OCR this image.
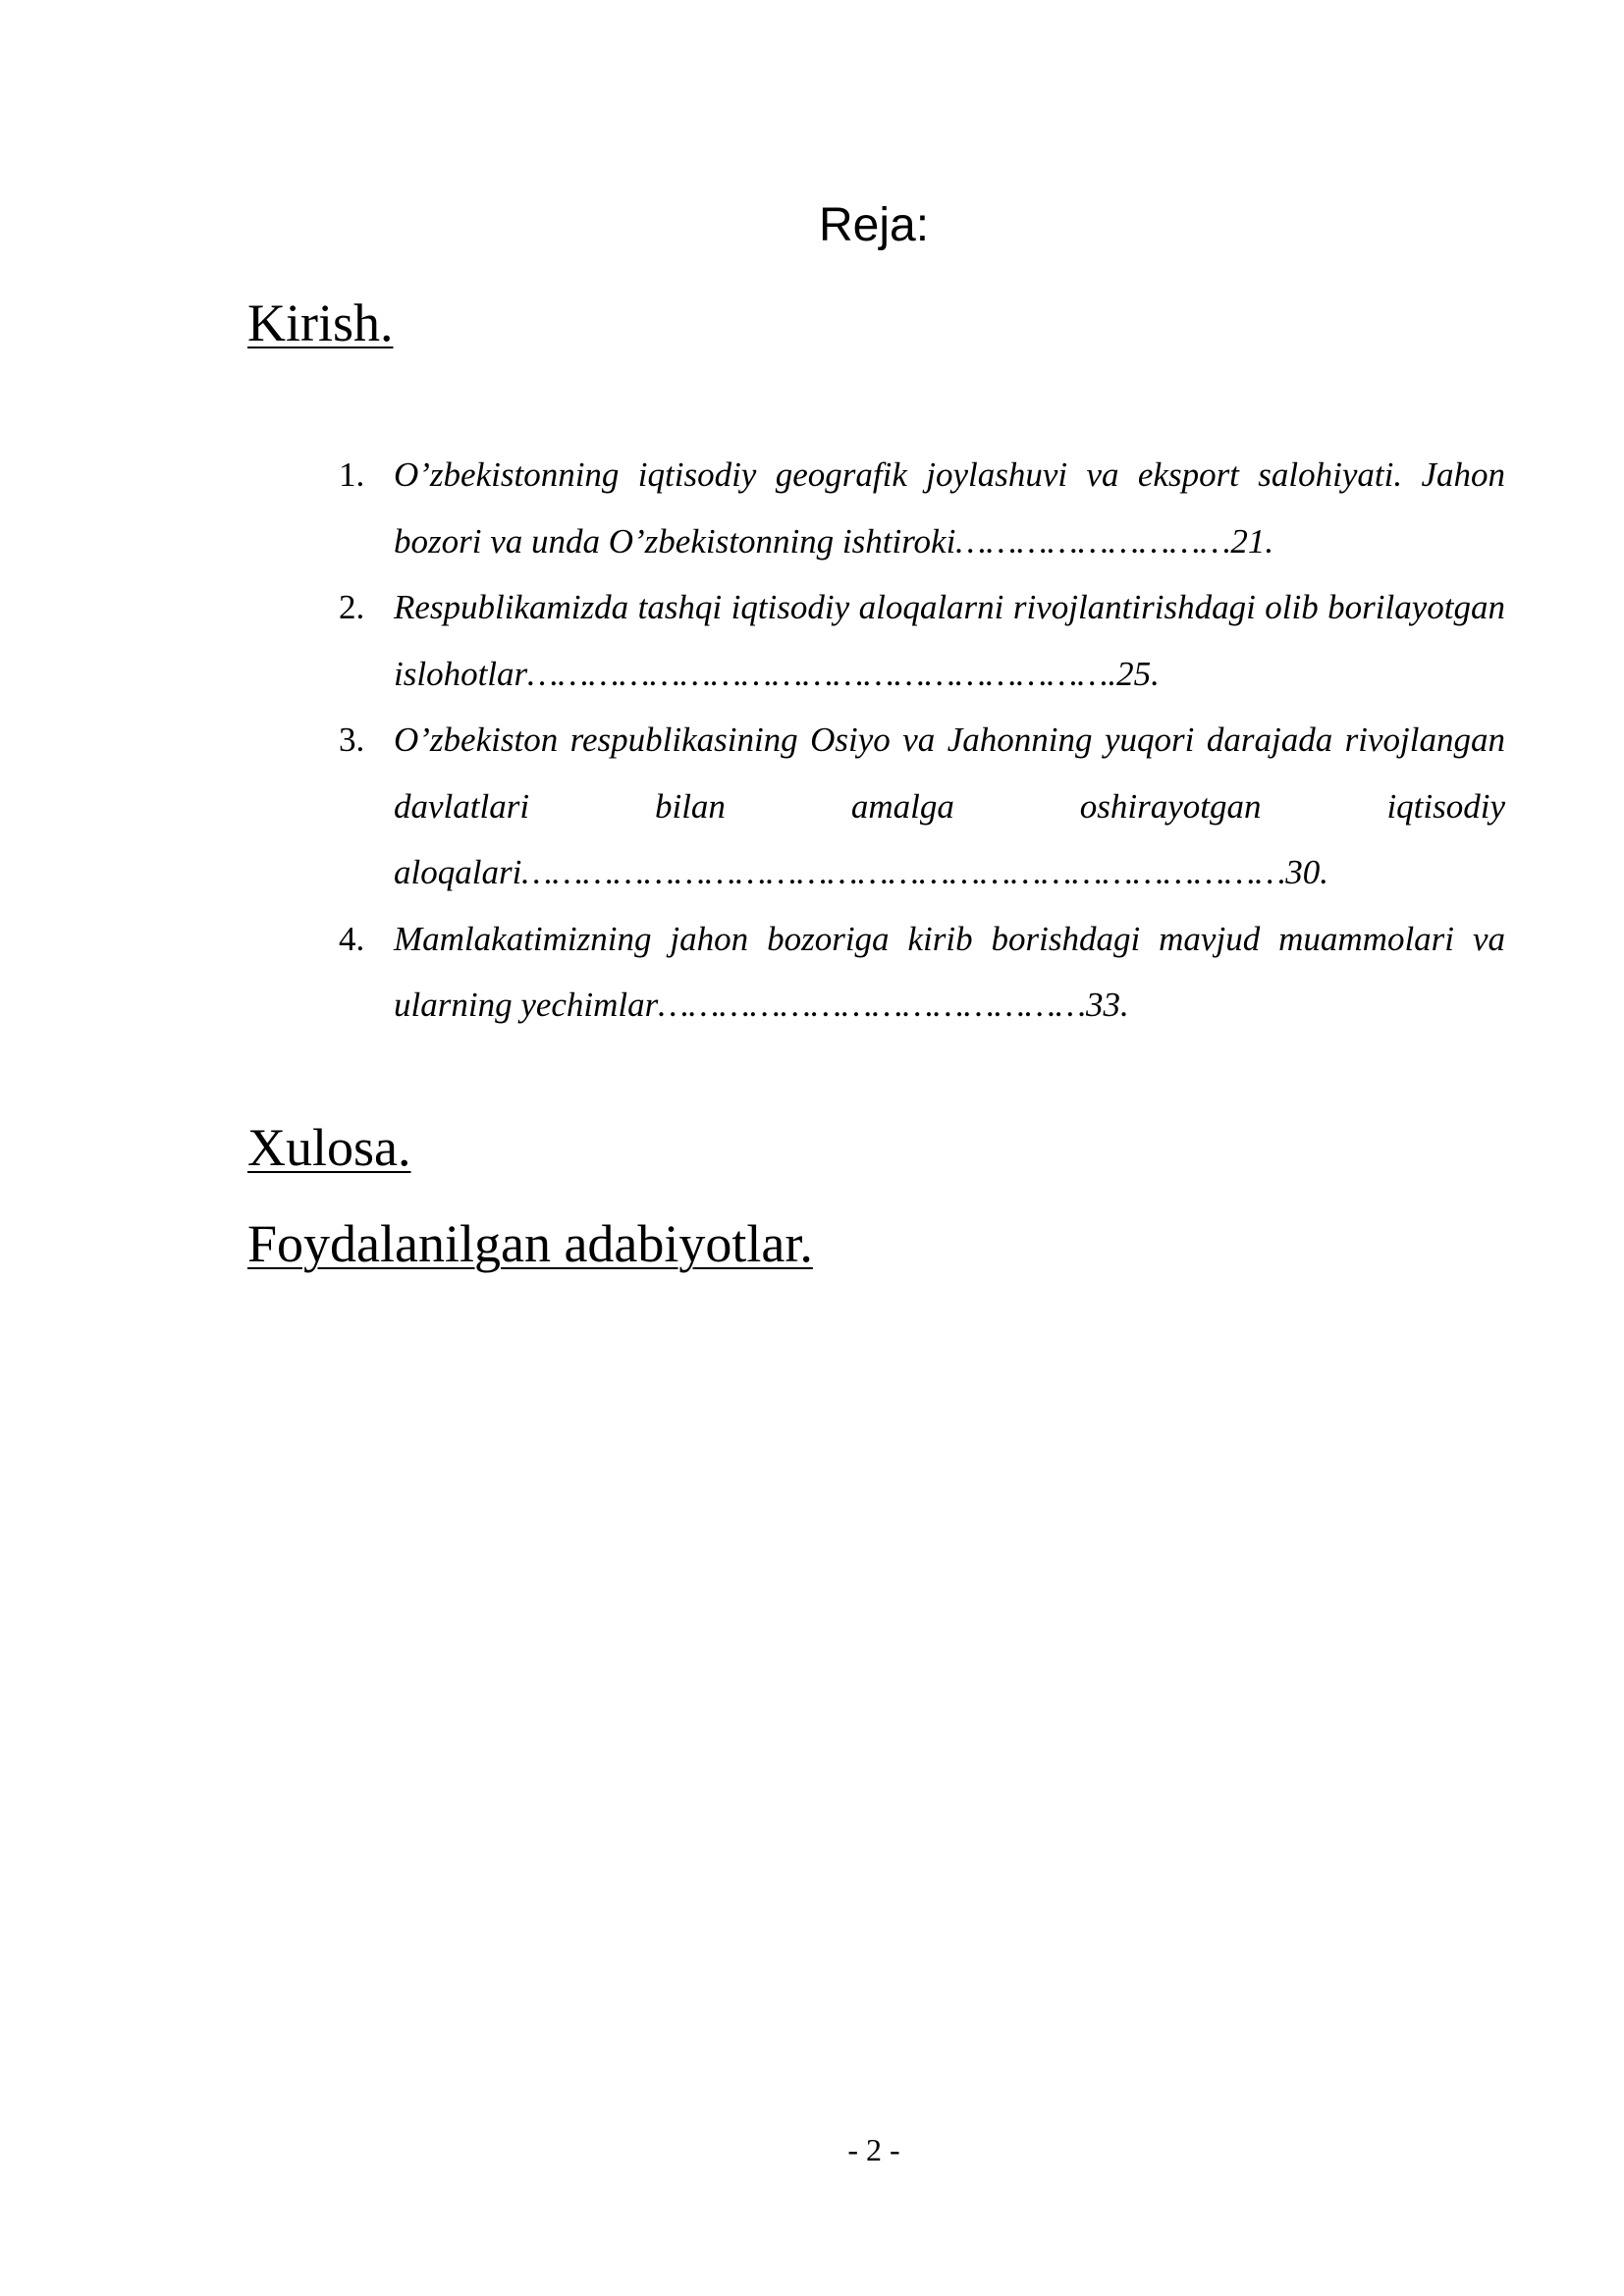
Reja:
Kirish.
1. O’zbekistonning iqtisodiy geografik joylashuvi va eksport salohiyati. Jahon bozori va unda O’zbekistonning ishtiroki………………………21.
2. Respublikamizda tashqi iqtisodiy aloqalarni rivojlantirishdagi olib borilayotgan islohotlar………………………………………………….25.
3. O’zbekiston respublikasining Osiyo va Jahonning yuqori darajada rivojlangan davlatlari bilan amalga oshirayotgan iqtisodiy aloqalari…………………………………………………………………30.
4. Mamlakatimizning jahon bozoriga kirib borishdagi mavjud muammolari va ularning yechimlar……………………………………33.
Xulosa.
Foydalanilgan adabiyotlar.
- 2 -
